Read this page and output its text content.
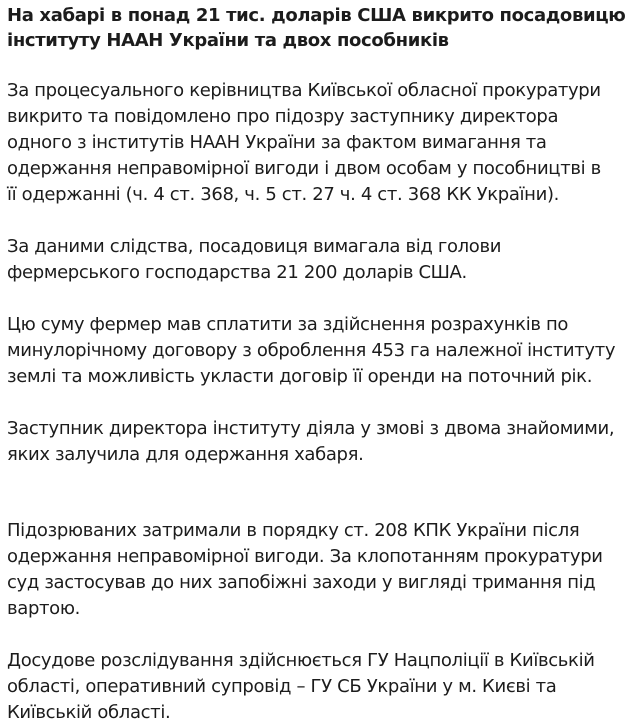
На хабарі в понад 21 тис. доларів США викрито посадовицю
інституту НААН України та двох пособників

За процесуального керівництва Київської обласної прокуратури
викрито та повідомлено про підозру заступнику директора
одного з інститутів НААН України за фактом вимагання та
одержання неправомірної вигоди і двом особам у пособництві в
її одержанні (ч. 4 ст. 368, ч. 5 ст. 27 ч. 4 ст. 368 КК України).

За даними слідства, посадовиця вимагала від голови
фермерського господарства 21 200 доларів США.

Цю суму фермер мав сплатити за здійснення розрахунків по
минулорічному договору з оброблення 453 га належної інституту
землі та можливість укласти договір її оренди на поточний рік.

Заступник директора інституту діяла у змові з двома знайомими,
яких залучила для одержання хабаря.

Підозрюваних затримали в порядку ст. 208 КПК України після
одержання неправомірної вигоди. За клопотанням прокуратури
суд застосував до них запобіжні заходи у вигляді тримання під
вартою.

Досудове розслідування здійснюється ГУ Нацполіції в Київській
області, оперативний супровід – ГУ СБ України у м. Києві та
Київській області.
